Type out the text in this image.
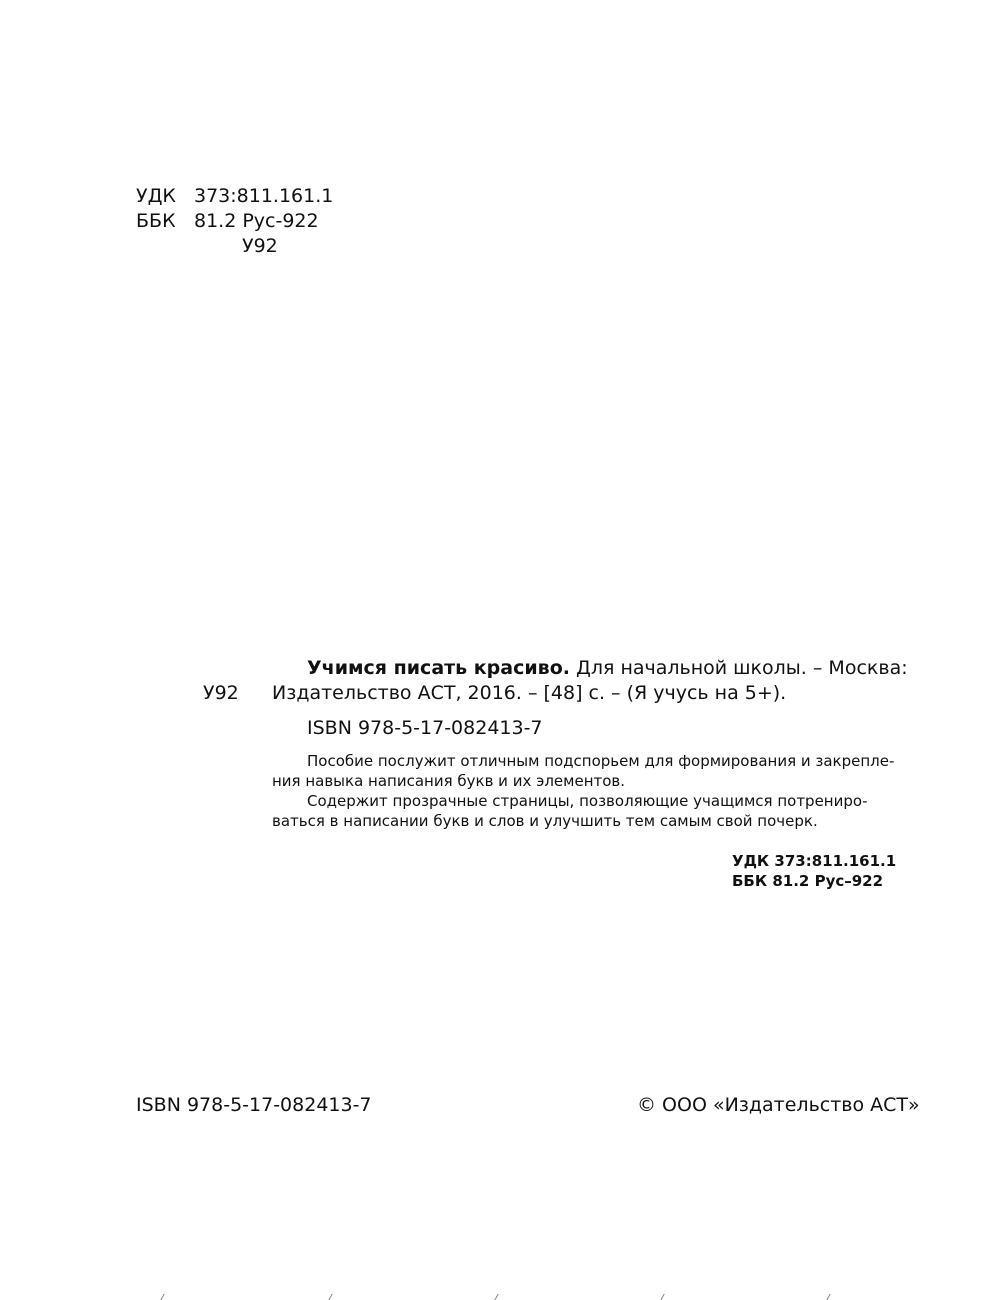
УДК 373:811.161.1
ББК 81.2 Рус-922
У92
Учимся писать красиво. Для начальной школы. – Москва:
У92 Издательство АСТ, 2016. – [48] с. – (Я учусь на 5+).
ISBN 978-5-17-082413-7
Пособие послужит отличным подспорьем для формирования и закрепле-
ния навыка написания букв и их элементов.
Содержит прозрачные страницы, позволяющие учащимся потрениро-
ваться в написании букв и слов и улучшить тем самым свой почерк.
УДК 373:811.161.1
ББК 81.2 Рус–922
ISBN 978-5-17-082413-7	© ООО «Издательство АСТ»
